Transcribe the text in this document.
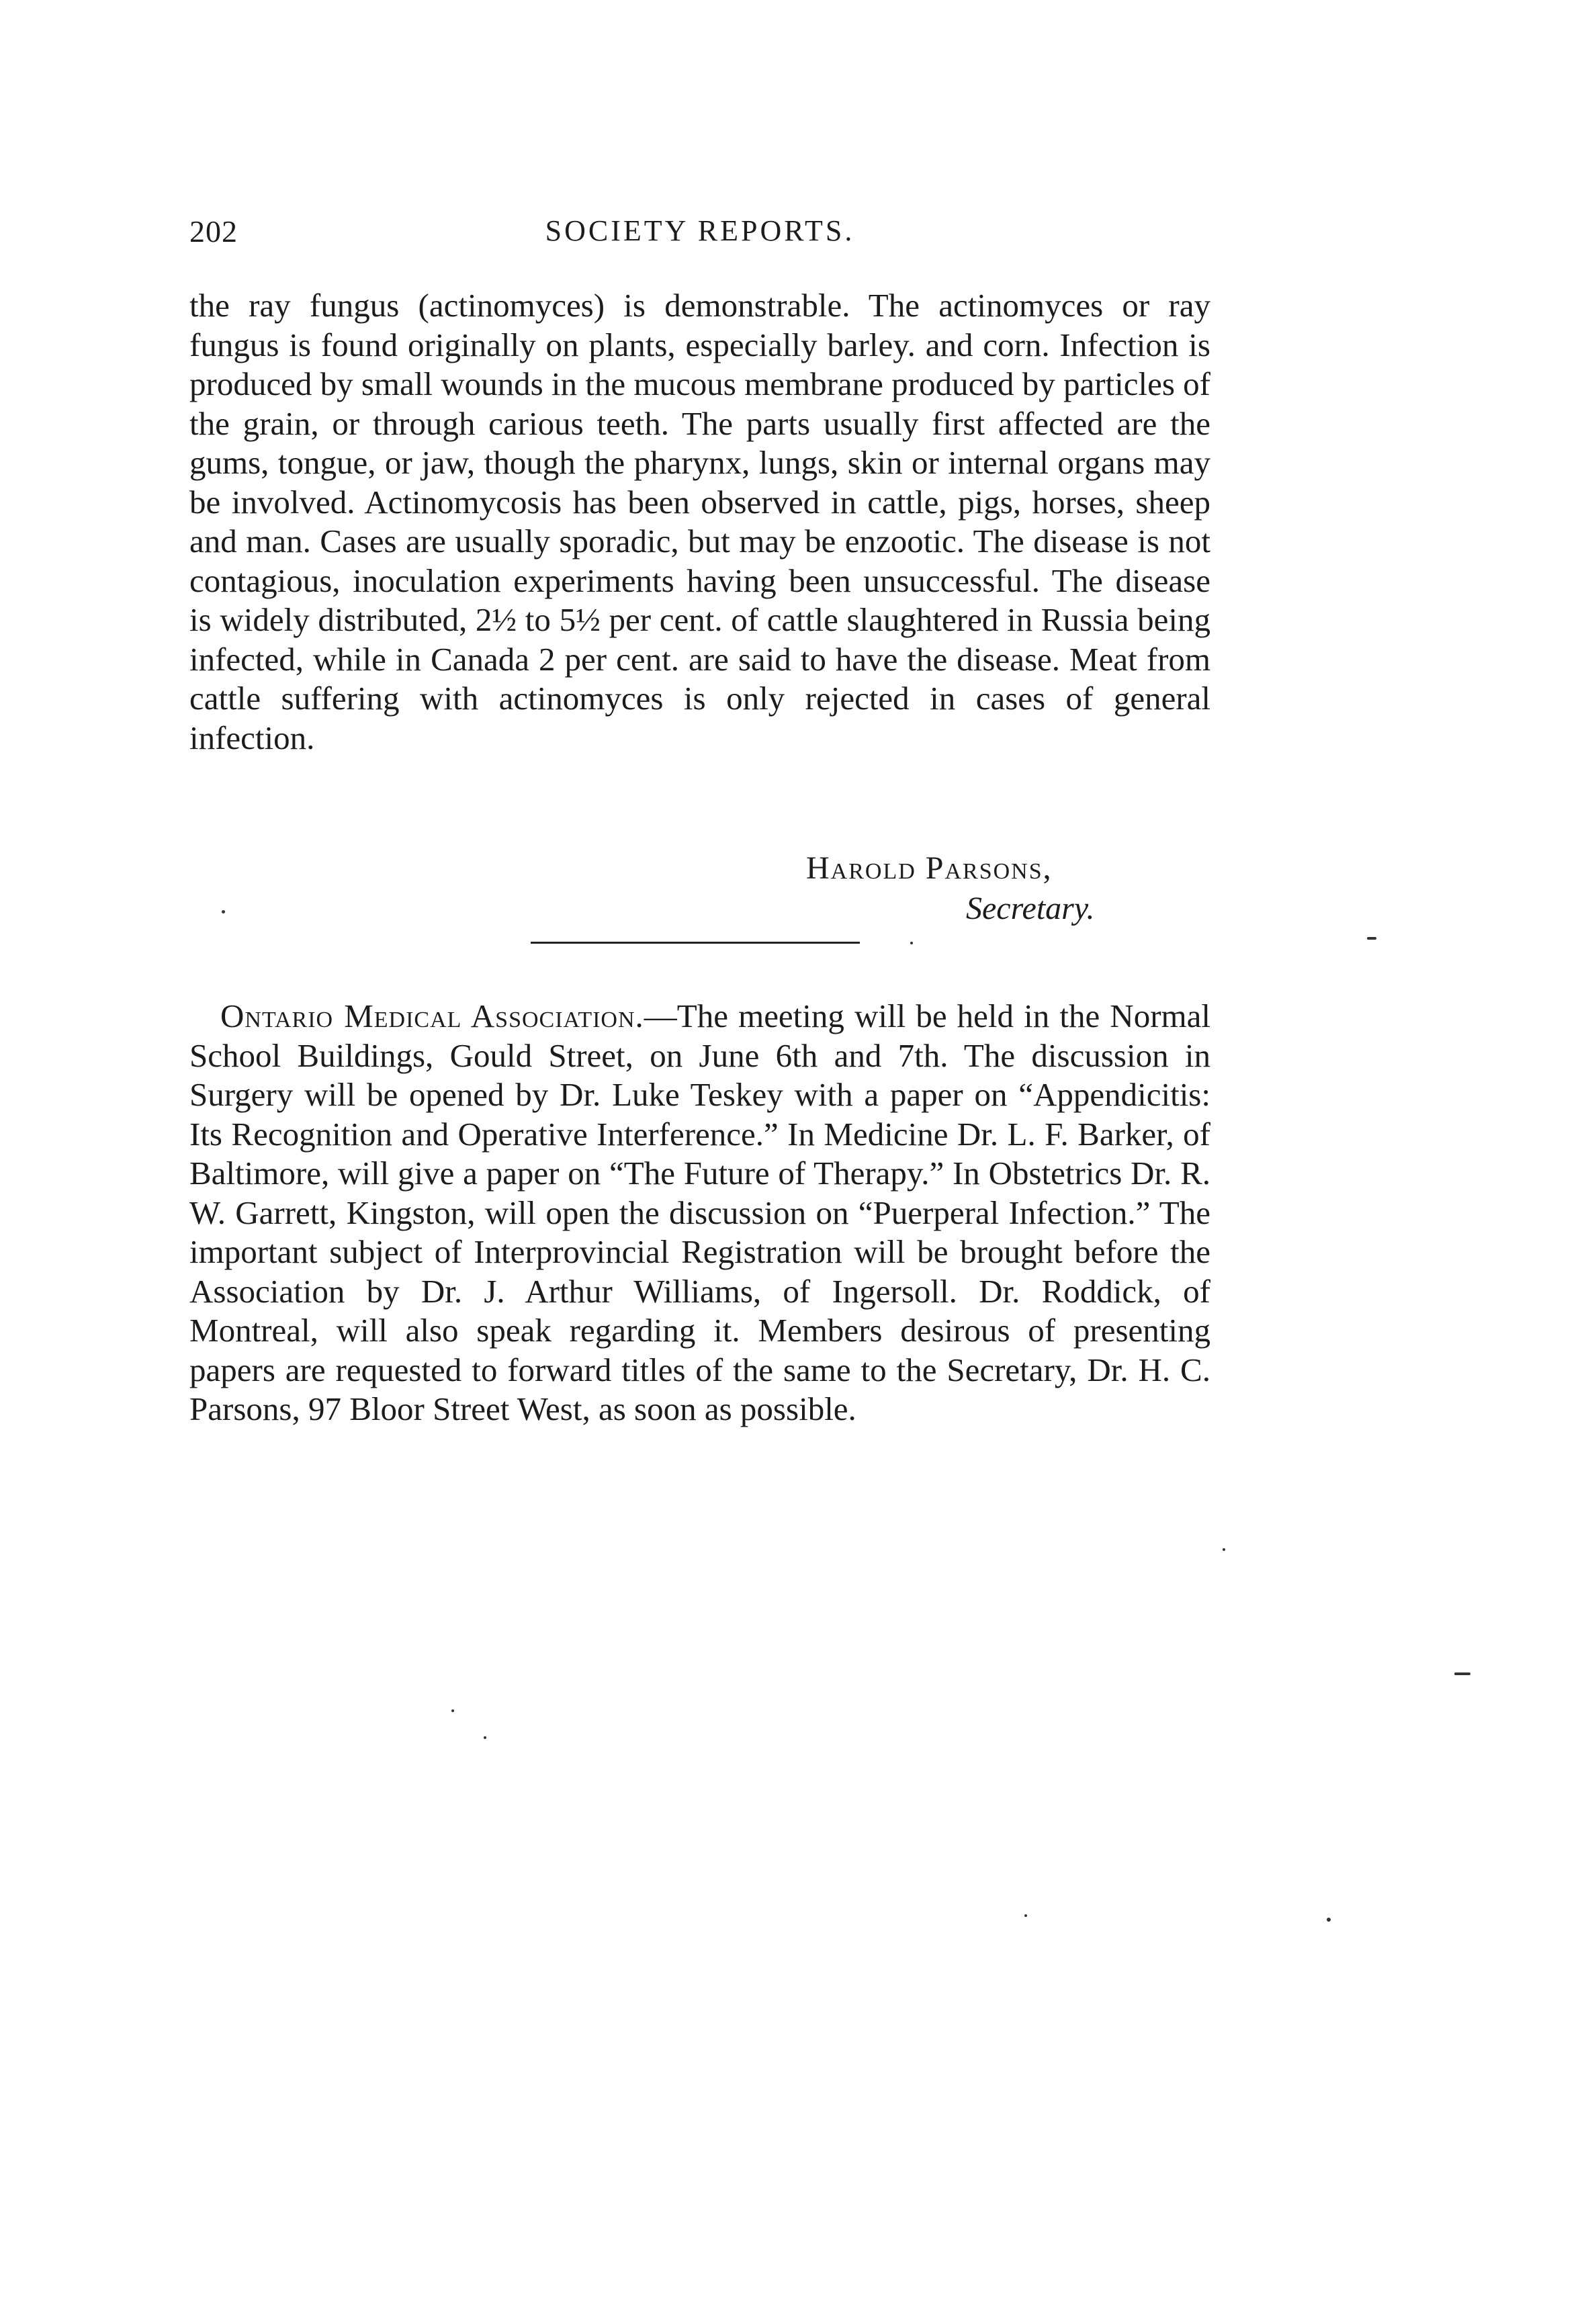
202	SOCIETY REPORTS.

the ray fungus (actinomyces) is demonstrable. The actinomyces or ray fungus is found originally on plants, especially barley. and corn. Infection is produced by small wounds in the mucous membrane produced by particles of the grain, or through carious teeth. The parts usually first affected are the gums, tongue, or jaw, though the pharynx, lungs, skin or internal organs may be involved. Actinomycosis has been observed in cattle, pigs, horses, sheep and man. Cases are usually sporadic, but may be enzootic. The disease is not contagious, inoculation experiments having been unsuccessful. The disease is widely distributed, 2½ to 5½ per cent. of cattle slaughtered in Russia being infected, while in Canada 2 per cent. are said to have the disease. Meat from cattle suffering with actinomyces is only rejected in cases of general infection.

Harold Parsons,
Secretary.

Ontario Medical Association.—The meeting will be held in the Normal School Buildings, Gould Street, on June 6th and 7th. The discussion in Surgery will be opened by Dr. Luke Teskey with a paper on “Appendicitis: Its Recognition and Operative Interference.” In Medicine Dr. L. F. Barker, of Baltimore, will give a paper on “The Future of Therapy.” In Obstetrics Dr. R. W. Garrett, Kingston, will open the discussion on “Puerperal Infection.” The important subject of Interprovincial Registration will be brought before the Association by Dr. J. Arthur Williams, of Ingersoll. Dr. Roddick, of Montreal, will also speak regarding it. Members desirous of presenting papers are requested to forward titles of the same to the Secretary, Dr. H. C. Parsons, 97 Bloor Street West, as soon as possible.
